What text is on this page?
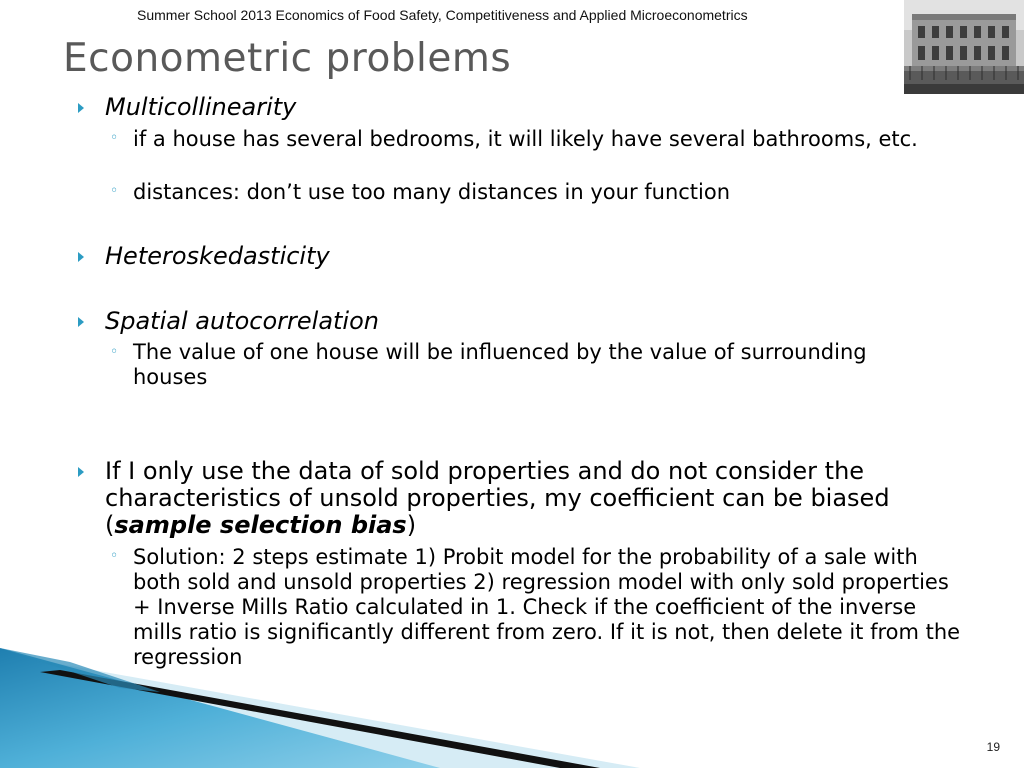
Summer School 2013 Economics of Food Safety, Competitiveness and Applied Microeconometrics
Econometric problems
Multicollinearity
◦ if a house has several bedrooms, it will likely have several bathrooms, etc.
◦ distances: don’t use too many distances in your function
Heteroskedasticity
Spatial autocorrelation
◦ The value of one house will be influenced by the value of surrounding houses
If I only use the data of sold properties and do not consider the characteristics of unsold properties, my coefficient can be biased (sample selection bias)
◦ Solution: 2 steps estimate 1) Probit model for the probability of a sale with both sold and unsold properties 2) regression model with only sold properties + Inverse Mills Ratio calculated in 1. Check if the coefficient of the inverse mills ratio is significantly different from zero. If it is not, then delete it from the regression
19
